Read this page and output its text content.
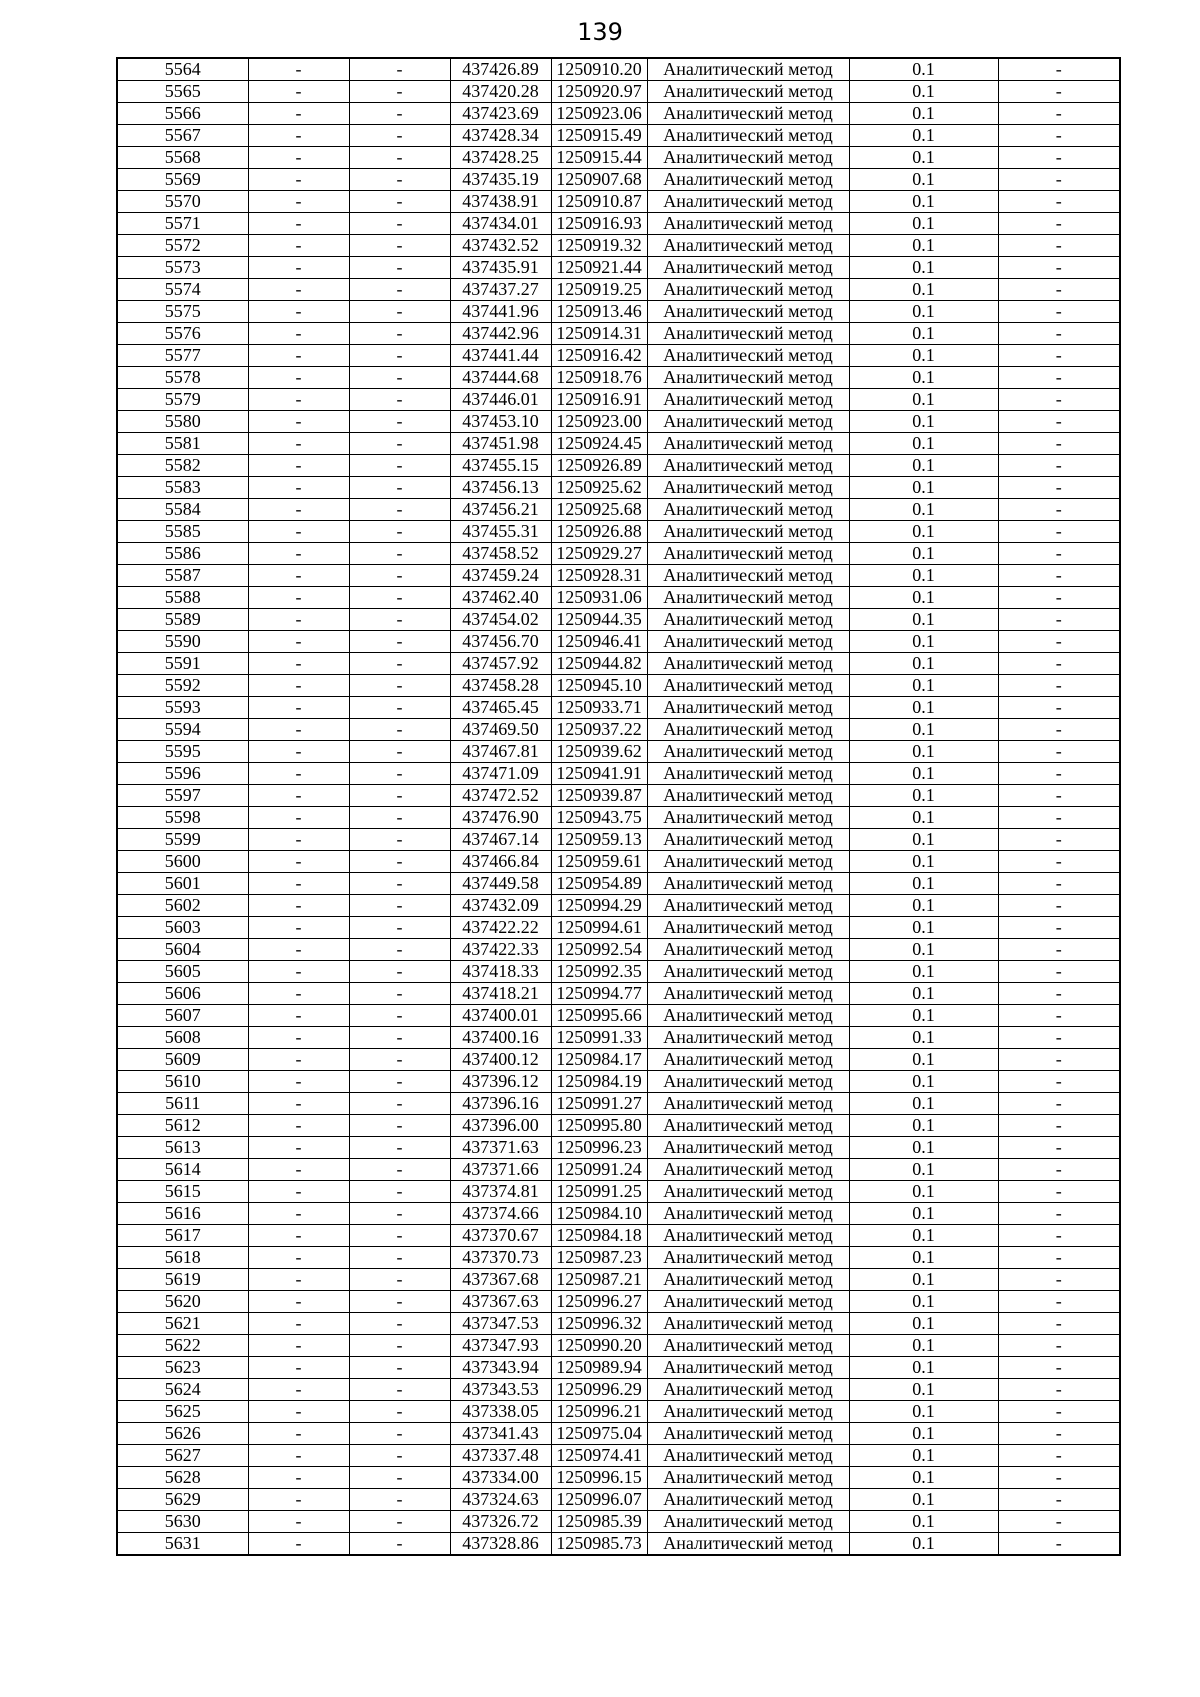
139
5564	-	-	437426.89	1250910.20	Аналитический метод	0.1	-
5565	-	-	437420.28	1250920.97	Аналитический метод	0.1	-
5566	-	-	437423.69	1250923.06	Аналитический метод	0.1	-
5567	-	-	437428.34	1250915.49	Аналитический метод	0.1	-
5568	-	-	437428.25	1250915.44	Аналитический метод	0.1	-
5569	-	-	437435.19	1250907.68	Аналитический метод	0.1	-
5570	-	-	437438.91	1250910.87	Аналитический метод	0.1	-
5571	-	-	437434.01	1250916.93	Аналитический метод	0.1	-
5572	-	-	437432.52	1250919.32	Аналитический метод	0.1	-
5573	-	-	437435.91	1250921.44	Аналитический метод	0.1	-
5574	-	-	437437.27	1250919.25	Аналитический метод	0.1	-
5575	-	-	437441.96	1250913.46	Аналитический метод	0.1	-
5576	-	-	437442.96	1250914.31	Аналитический метод	0.1	-
5577	-	-	437441.44	1250916.42	Аналитический метод	0.1	-
5578	-	-	437444.68	1250918.76	Аналитический метод	0.1	-
5579	-	-	437446.01	1250916.91	Аналитический метод	0.1	-
5580	-	-	437453.10	1250923.00	Аналитический метод	0.1	-
5581	-	-	437451.98	1250924.45	Аналитический метод	0.1	-
5582	-	-	437455.15	1250926.89	Аналитический метод	0.1	-
5583	-	-	437456.13	1250925.62	Аналитический метод	0.1	-
5584	-	-	437456.21	1250925.68	Аналитический метод	0.1	-
5585	-	-	437455.31	1250926.88	Аналитический метод	0.1	-
5586	-	-	437458.52	1250929.27	Аналитический метод	0.1	-
5587	-	-	437459.24	1250928.31	Аналитический метод	0.1	-
5588	-	-	437462.40	1250931.06	Аналитический метод	0.1	-
5589	-	-	437454.02	1250944.35	Аналитический метод	0.1	-
5590	-	-	437456.70	1250946.41	Аналитический метод	0.1	-
5591	-	-	437457.92	1250944.82	Аналитический метод	0.1	-
5592	-	-	437458.28	1250945.10	Аналитический метод	0.1	-
5593	-	-	437465.45	1250933.71	Аналитический метод	0.1	-
5594	-	-	437469.50	1250937.22	Аналитический метод	0.1	-
5595	-	-	437467.81	1250939.62	Аналитический метод	0.1	-
5596	-	-	437471.09	1250941.91	Аналитический метод	0.1	-
5597	-	-	437472.52	1250939.87	Аналитический метод	0.1	-
5598	-	-	437476.90	1250943.75	Аналитический метод	0.1	-
5599	-	-	437467.14	1250959.13	Аналитический метод	0.1	-
5600	-	-	437466.84	1250959.61	Аналитический метод	0.1	-
5601	-	-	437449.58	1250954.89	Аналитический метод	0.1	-
5602	-	-	437432.09	1250994.29	Аналитический метод	0.1	-
5603	-	-	437422.22	1250994.61	Аналитический метод	0.1	-
5604	-	-	437422.33	1250992.54	Аналитический метод	0.1	-
5605	-	-	437418.33	1250992.35	Аналитический метод	0.1	-
5606	-	-	437418.21	1250994.77	Аналитический метод	0.1	-
5607	-	-	437400.01	1250995.66	Аналитический метод	0.1	-
5608	-	-	437400.16	1250991.33	Аналитический метод	0.1	-
5609	-	-	437400.12	1250984.17	Аналитический метод	0.1	-
5610	-	-	437396.12	1250984.19	Аналитический метод	0.1	-
5611	-	-	437396.16	1250991.27	Аналитический метод	0.1	-
5612	-	-	437396.00	1250995.80	Аналитический метод	0.1	-
5613	-	-	437371.63	1250996.23	Аналитический метод	0.1	-
5614	-	-	437371.66	1250991.24	Аналитический метод	0.1	-
5615	-	-	437374.81	1250991.25	Аналитический метод	0.1	-
5616	-	-	437374.66	1250984.10	Аналитический метод	0.1	-
5617	-	-	437370.67	1250984.18	Аналитический метод	0.1	-
5618	-	-	437370.73	1250987.23	Аналитический метод	0.1	-
5619	-	-	437367.68	1250987.21	Аналитический метод	0.1	-
5620	-	-	437367.63	1250996.27	Аналитический метод	0.1	-
5621	-	-	437347.53	1250996.32	Аналитический метод	0.1	-
5622	-	-	437347.93	1250990.20	Аналитический метод	0.1	-
5623	-	-	437343.94	1250989.94	Аналитический метод	0.1	-
5624	-	-	437343.53	1250996.29	Аналитический метод	0.1	-
5625	-	-	437338.05	1250996.21	Аналитический метод	0.1	-
5626	-	-	437341.43	1250975.04	Аналитический метод	0.1	-
5627	-	-	437337.48	1250974.41	Аналитический метод	0.1	-
5628	-	-	437334.00	1250996.15	Аналитический метод	0.1	-
5629	-	-	437324.63	1250996.07	Аналитический метод	0.1	-
5630	-	-	437326.72	1250985.39	Аналитический метод	0.1	-
5631	-	-	437328.86	1250985.73	Аналитический метод	0.1	-
